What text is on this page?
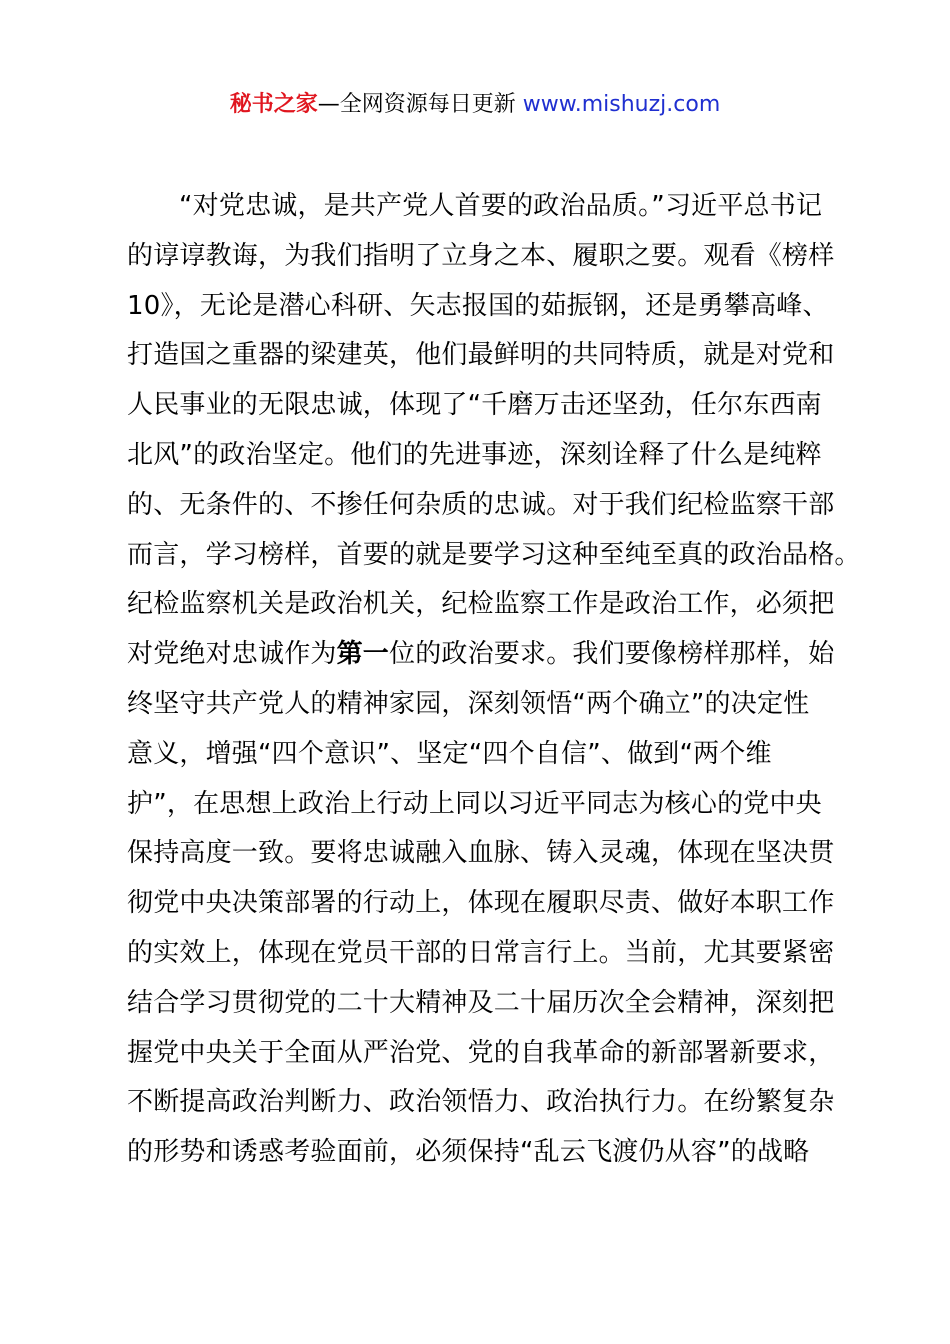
秘书之家—全网资源每日更新 www.mishuzj.com
“对党忠诚，是共产党人首要的政治品质。”习近平总书记
的谆谆教诲，为我们指明了立身之本、履职之要。观看《榜样
10》，无论是潜心科研、矢志报国的茹振钢，还是勇攀高峰、
打造国之重器的梁建英，他们最鲜明的共同特质，就是对党和
人民事业的无限忠诚，体现了“千磨万击还坚劲，任尔东西南
北风”的政治坚定。他们的先进事迹，深刻诠释了什么是纯粹
的、无条件的、不掺任何杂质的忠诚。对于我们纪检监察干部
而言，学习榜样，首要的就是要学习这种至纯至真的政治品格。
纪检监察机关是政治机关，纪检监察工作是政治工作，必须把
对党绝对忠诚作为第一位的政治要求。我们要像榜样那样，始
终坚守共产党人的精神家园，深刻领悟“两个确立”的决定性
意义，增强“四个意识”、坚定“四个自信”、做到“两个维
护”，在思想上政治上行动上同以习近平同志为核心的党中央
保持高度一致。要将忠诚融入血脉、铸入灵魂，体现在坚决贯
彻党中央决策部署的行动上，体现在履职尽责、做好本职工作
的实效上，体现在党员干部的日常言行上。当前，尤其要紧密
结合学习贯彻党的二十大精神及二十届历次全会精神，深刻把
握党中央关于全面从严治党、党的自我革命的新部署新要求，
不断提高政治判断力、政治领悟力、政治执行力。在纷繁复杂
的形势和诱惑考验面前，必须保持“乱云飞渡仍从容”的战略
